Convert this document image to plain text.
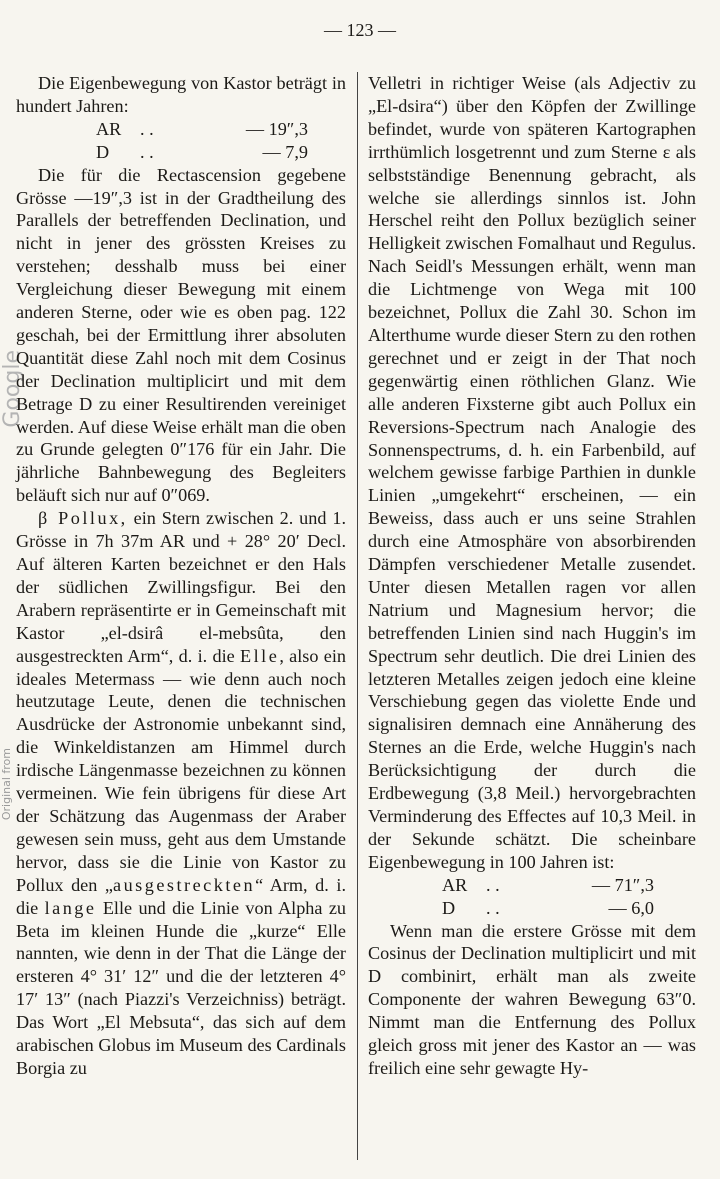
— 123 —
Google
Original from

Die Eigenbewegung von Kastor beträgt in hundert Jahren:

AR	. .	— 19″,3
D	. .	— 7,9

Die für die Rectascension gegebene Grösse —19″,3 ist in der Gradtheilung des Parallels der betreffenden Declination, und nicht in jener des grössten Kreises zu verstehen; desshalb muss bei einer Vergleichung dieser Bewegung mit einem anderen Sterne, oder wie es oben pag. 122 geschah, bei der Ermittlung ihrer absoluten Quantität diese Zahl noch mit dem Cosinus der Declination multiplicirt und mit dem Betrage D zu einer Resultirenden vereiniget werden. Auf diese Weise erhält man die oben zu Grunde gelegten 0″176 für ein Jahr. Die jährliche Bahnbewegung des Begleiters beläuft sich nur auf 0″069.

β Pollux, ein Stern zwischen 2. und 1. Grösse in 7h 37m AR und + 28° 20′ Decl. Auf älteren Karten bezeichnet er den Hals der südlichen Zwillingsfigur. Bei den Arabern repräsentirte er in Gemeinschaft mit Kastor „el-dsirâ el-mebsûta, den ausgestreckten Arm“, d. i. die Elle, also ein ideales Metermass — wie denn auch noch heutzutage Leute, denen die technischen Ausdrücke der Astronomie unbekannt sind, die Winkeldistanzen am Himmel durch irdische Längenmasse bezeichnen zu können vermeinen. Wie fein übrigens für diese Art der Schätzung das Augenmass der Araber gewesen sein muss, geht aus dem Umstande hervor, dass sie die Linie von Kastor zu Pollux den „ausgestreckten“ Arm, d. i. die lange Elle und die Linie von Alpha zu Beta im kleinen Hunde die „kurze“ Elle nannten, wie denn in der That die Länge der ersteren 4° 31′ 12″ und die der letzteren 4° 17′ 13″ (nach Piazzi's Verzeichniss) beträgt. Das Wort „El Mebsuta“, das sich auf dem arabischen Globus im Museum des Cardinals Borgia zu

Velletri in richtiger Weise (als Adjectiv zu „El-dsira“) über den Köpfen der Zwillinge befindet, wurde von späteren Kartographen irrthümlich losgetrennt und zum Sterne ε als selbstständige Benennung gebracht, als welche sie allerdings sinnlos ist. John Herschel reiht den Pollux bezüglich seiner Helligkeit zwischen Fomalhaut und Regulus. Nach Seidl's Messungen erhält, wenn man die Lichtmenge von Wega mit 100 bezeichnet, Pollux die Zahl 30. Schon im Alterthume wurde dieser Stern zu den rothen gerechnet und er zeigt in der That noch gegenwärtig einen röthlichen Glanz. Wie alle anderen Fixsterne gibt auch Pollux ein Reversions-Spectrum nach Analogie des Sonnenspectrums, d. h. ein Farbenbild, auf welchem gewisse farbige Parthien in dunkle Linien „umgekehrt“ erscheinen, — ein Beweiss, dass auch er uns seine Strahlen durch eine Atmosphäre von absorbirenden Dämpfen verschiedener Metalle zusendet. Unter diesen Metallen ragen vor allen Natrium und Magnesium hervor; die betreffenden Linien sind nach Huggin's im Spectrum sehr deutlich. Die drei Linien des letzteren Metalles zeigen jedoch eine kleine Verschiebung gegen das violette Ende und signalisiren demnach eine Annäherung des Sternes an die Erde, welche Huggin's nach Berücksichtigung der durch die Erdbewegung (3,8 Meil.) hervorgebrachten Verminderung des Effectes auf 10,3 Meil. in der Sekunde schätzt. Die scheinbare Eigenbewegung in 100 Jahren ist:

AR	. .	— 71″,3
D	. .	— 6,0

Wenn man die erstere Grösse mit dem Cosinus der Declination multiplicirt und mit D combinirt, erhält man als zweite Componente der wahren Bewegung 63″0. Nimmt man die Entfernung des Pollux gleich gross mit jener des Kastor an — was freilich eine sehr gewagte Hy-
